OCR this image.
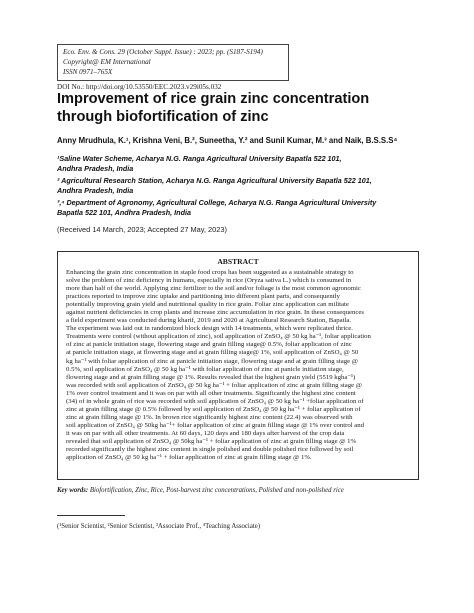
Eco. Env. & Cons. 29 (October Suppl. Issue) : 2023; pp. (S187-S194)
Copyright@ EM International
ISSN 0971–765X
DOI No.: http://doi.org/10.53550/EEC.2023.v29i05s.032
Improvement of rice grain zinc concentration through biofortification of zinc
Anny Mrudhula, K.¹, Krishna Veni, B.², Suneetha, Y.² and Sunil Kumar, M.³ and Naik, B.S.S.S⁴
¹Saline Water Scheme, Acharya N.G. Ranga Agricultural University Bapatla 522 101,
Andhra Pradesh, India
² Agricultural Research Station, Acharya N.G. Ranga Agricultural University Bapatla 522 101,
Andhra Pradesh, India
³,⁴ Department of Agronomy, Agricultural College, Acharya N.G. Ranga Agricultural University
Bapatla 522 101, Andhra Pradesh, India
(Received 14 March, 2023; Accepted 27 May, 2023)
ABSTRACT
Enhancing the grain zinc concentration in staple food crops has been suggested as a sustainable strategy to
solve the problem of zinc deficiency in humans, especially in rice (Oryza sativa L.) which is consumed in
more than half of the world. Applying zinc fertilizer to the soil and/or foliage is the most common agronomic
practices reported to improve zinc uptake and partitioning into different plant parts, and consequently
potentially improving grain yield and nutritional quality in rice grain. Foliar zinc application can militate
against nutrient deficiencies in crop plants and increase zinc accumulation in rice grain. In these consequences
a field experiment was conducted during kharif, 2019 and 2020 at Agricultural Research Station, Bapatla.
The experiment was laid out in randomized block design with 14 treatments, which were replicated thrice.
Treatments were control (without application of zinc), soil application of ZnSO₄ @ 50 kg ha⁻¹, foliar application
of zinc at panicle initiation stage, flowering stage and grain filling stage@ 0.5%, foliar application of zinc
at panicle initiation stage, at flowering stage and at grain filling stage@ 1%, soil application of ZnSO₄ @ 50
kg ha⁻¹ with foliar application of zinc at panicle initiation stage, flowering stage and at grain filling stage @
0.5%, soil application of ZnSO₄ @ 50 kg ha⁻¹ with foliar application of zinc at panicle initiation stage,
flowering stage and at grain filling stage @ 1%. Results revealed that the highest grain yield (5519 kgha⁻¹)
was recorded with soil application of ZnSO₄ @ 50 kg ha⁻¹ + foliar application of zinc at grain filling stage @
1% over control treatment and it was on par with all other treatments. Significantly the highest zinc content
(34) of in whole grain of rice was recorded with soil application of ZnSO₄ @ 50 kg ha⁻¹ +foliar application of
zinc at grain filling stage @ 0.5% followed by soil application of ZnSO₄ @ 50 kg ha⁻¹ + foliar application of
zinc at grain filling stage @ 1%. In brown rice significantly highest zinc content (22.4) was observed with
soil application of ZnSO₄ @ 50kg ha⁻¹+ foliar application of zinc at grain filling stage @ 1% over control and
it was on par with all other treatments. At 60 days, 120 days and 180 days after harvest of the crop data
revealed that soil application of ZnSO₄ @ 50kg ha⁻¹ + foliar application of zinc at grain filling stage @ 1%
recorded significantly the highest zinc content in single polished and double polished rice followed by soil
application of ZnSO₄ @ 50 kg ha⁻¹ + foliar application of zinc at grain filling stage @ 1%.
Key words: Biofortification, Zinc, Rice, Post-harvest zinc concentrations, Polished and non-polished rice
(¹Senior Scientist, ²Senior Scientist, ³Associate Prof., ⁴Teaching Associate)
